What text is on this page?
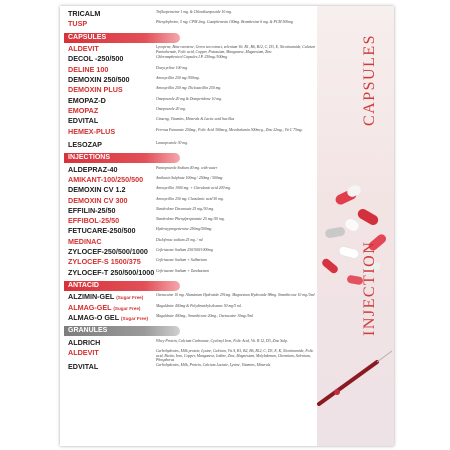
TRICALM	Trifluoperazine 1 mg. & Chlordiazepoxide 10 mg.
TUSP	Phenylephrine, 5 mg. CPM 2mg. Guaiphenesin 100mg. Bromhexine 6 mg. & PCM 500mg
CAPSULES
ALDEVIT	Lycopene, Beta-carotene, Green tea extract, selenium Vit. B1, B6, B12, C, D3, E, Nicotinamide, Calcium Pantothenate, Folic acid, Copper, Potassium, Manganese, Magnesium, Zinc
DECOL -250/500	Chloramphenicol Capsules I.P. 250mg./500mg.
DELINE 100	Doxycycline 100 mg.
DEMOXIN 250/500	Amoxycillin 250 mg./500mg.
DEMOXIN PLUS	Amoxycillin 250 mg. Dicloxacillin 250 mg.
EMOPAZ-D	Omeprazole 20 mg & Domperidone 10 mg.
EMOPAZ	Omeprazole 20 mg.
EDVITAL	Ginseng, Vitamins, Minerals & Lactic acid bacillus
HEMEX-PLUS	Ferrous Fumarate 250mg., Folic Acid 300mcg, Mecobalamin 500mcg., Zinc 22mg., Vit C 75mg.
LESOZAP	Lansoprazole 30 mg.
INJECTIONS
ALDEPRAZ-40	Pantoprazole Sodium 40 mg. with water
AMIKANT-100/250/500	Amikacin Sulphate 100mg / 250mg / 500mg
DEMOXIN CV 1.2	Amoxycillin 1000 mg. + Clavulanic acid 200 mg.
DEMOXIN CV 300	Amoxycillin 250 mg. Clavulanic acid 50 mg.
EFFILIN-25/50	Nandrolone Decanoate 25 mg./50 mg.
EFFIBOL-25/50	Nandrolone Phenylpropionate 25 mg./50 mg.
FETUCARE-250/500	Hydroxyprogesterone 250mg/500mg
MEDINAC	Diclofenac sodium 25 mg. / ml
ZYLOCEF-250/500/1000 Ceftriaxone Sodium 250/500/1000mg
ZYLOCEF-S 1500/375	Ceftriaxone Sodium + Sulbactam
ZYLOCEF-T 250/500/1000 Ceftriaxone Sodium + Tazobactam
ANTACID
ALZIMIN-GEL (Sugar Free)	Oxetacaine 10 mg. Aluminium Hydroxide 291mg. Magnesium Hydroxide 98mg. Simethicone 10 mg./5ml
ALMAG-GEL (Sugar Free)	Magaldrate 400mg & Polydimethylsiloxane 50 mg/5 ml.
ALMAG-O GEL (Sugar Free) Magaldrate 400mg., Simethicone 20mg., Oxetacaine 10mg./5ml
GRANULES
ALDRICH	Whey Protein, Calcium Carbonate, Cyclonyl Iron, Folic Acid, Vit. B 12, D3, Zinc Sulp.
ALDEVIT	Carbohydrates, Milk protein, Lysine, Calcium, Vit A, B1, B2, B6, B12, C, D3, E, K, Nicotinamide, Folic acid, Biotin, Iron, Copper, Manganese, Iodine, Zinc, Magnesium, Molybdenum, Chromium, Selenium, Phosphorus
EDVITAL	Carbohydrates, Milk, Protein, Calcium Lactate, Lysine, Vitamins, Minerals
CAPSULES
INJECTION
